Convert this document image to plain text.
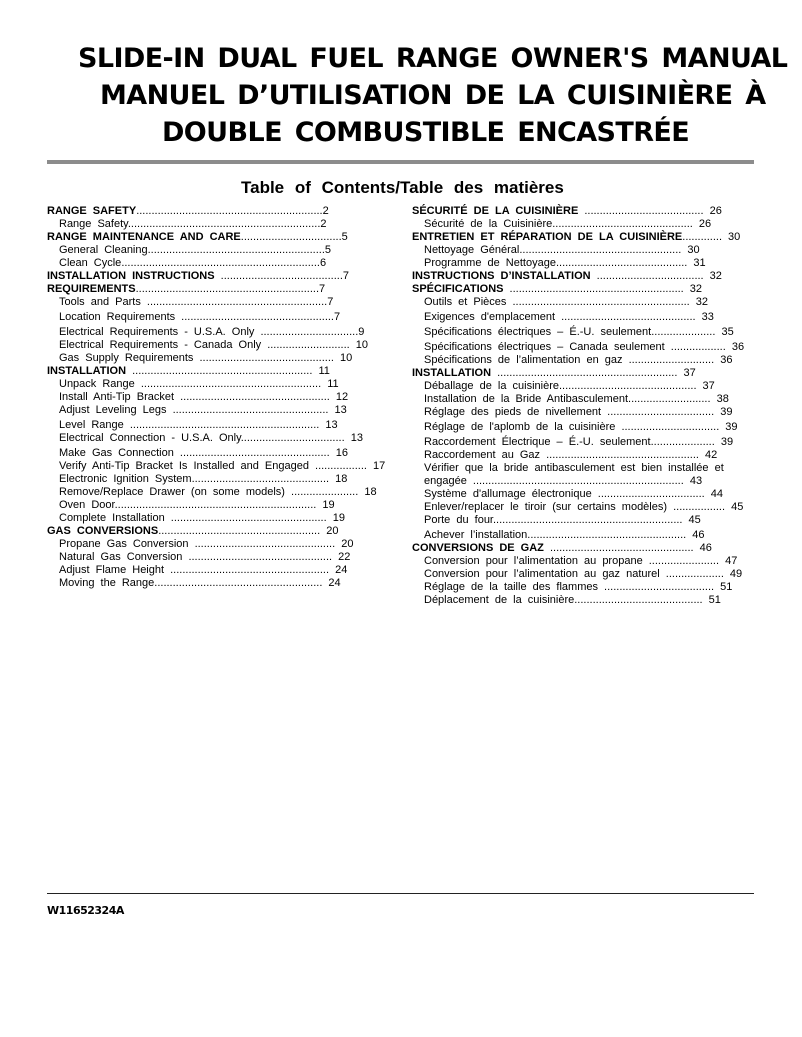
SLIDE-IN DUAL FUEL RANGE OWNER'S MANUAL
MANUEL D’UTILISATION DE LA CUISINIÈRE À
DOUBLE COMBUSTIBLE ENCASTRÉE
Table of Contents/Table des matières
RANGE SAFETY.............................................................2
Range Safety...............................................................2
RANGE MAINTENANCE AND CARE.................................5
General Cleaning..........................................................5
Clean Cycle.................................................................6
INSTALLATION INSTRUCTIONS ........................................7
REQUIREMENTS............................................................7
Tools and Parts ...........................................................7
Location Requirements ..................................................7
Electrical Requirements - U.S.A. Only ................................9
Electrical Requirements - Canada Only ........................... 10
Gas Supply Requirements ............................................ 10
INSTALLATION ........................................................... 11
Unpack Range ........................................................... 11
Install Anti-Tip Bracket ................................................. 12
Adjust Leveling Legs ................................................... 13
Level Range .............................................................. 13
Electrical Connection - U.S.A. Only.................................. 13
Make Gas Connection ................................................. 16
Verify Anti-Tip Bracket Is Installed and Engaged ................. 17
Electronic Ignition System............................................. 18
Remove/Replace Drawer (on some models) ...................... 18
Oven Door.................................................................. 19
Complete Installation ................................................... 19
GAS CONVERSIONS..................................................... 20
Propane Gas Conversion .............................................. 20
Natural Gas Conversion ............................................... 22
Adjust Flame Height .................................................... 24
Moving the Range....................................................... 24
SÉCURITÉ DE LA CUISINIÈRE ....................................... 26
Sécurité de la Cuisinière.............................................. 26
ENTRETIEN ET RÉPARATION DE LA CUISINIÈRE............. 30
Nettoyage Général..................................................... 30
Programme de Nettoyage........................................... 31
INSTRUCTIONS D’INSTALLATION ................................... 32
SPÉCIFICATIONS ......................................................... 32
Outils et Pièces .......................................................... 32
Exigences d'emplacement ............................................ 33
Spécifications électriques – É.-U. seulement..................... 35
Spécifications électriques – Canada seulement .................. 36
Spécifications de l’alimentation en gaz ............................ 36
INSTALLATION ........................................................... 37
Déballage de la cuisinière............................................. 37
Installation de la Bride Antibasculement........................... 38
Réglage des pieds de nivellement ................................... 39
Réglage de l'aplomb de la cuisinière ................................ 39
Raccordement Électrique – É.-U. seulement..................... 39
Raccordement au Gaz .................................................. 42
Vérifier que la bride antibasculement est bien installée et
engagée ..................................................................... 43
Système d'allumage électronique ................................... 44
Enlever/replacer le tiroir (sur certains modèles) ................. 45
Porte du four.............................................................. 45
Achever l’installation.................................................... 46
CONVERSIONS DE GAZ ............................................... 46
Conversion pour l’alimentation au propane ....................... 47
Conversion pour l’alimentation au gaz naturel ................... 49
Réglage de la taille des flammes .................................... 51
Déplacement de la cuisinière.......................................... 51
W11652324A
